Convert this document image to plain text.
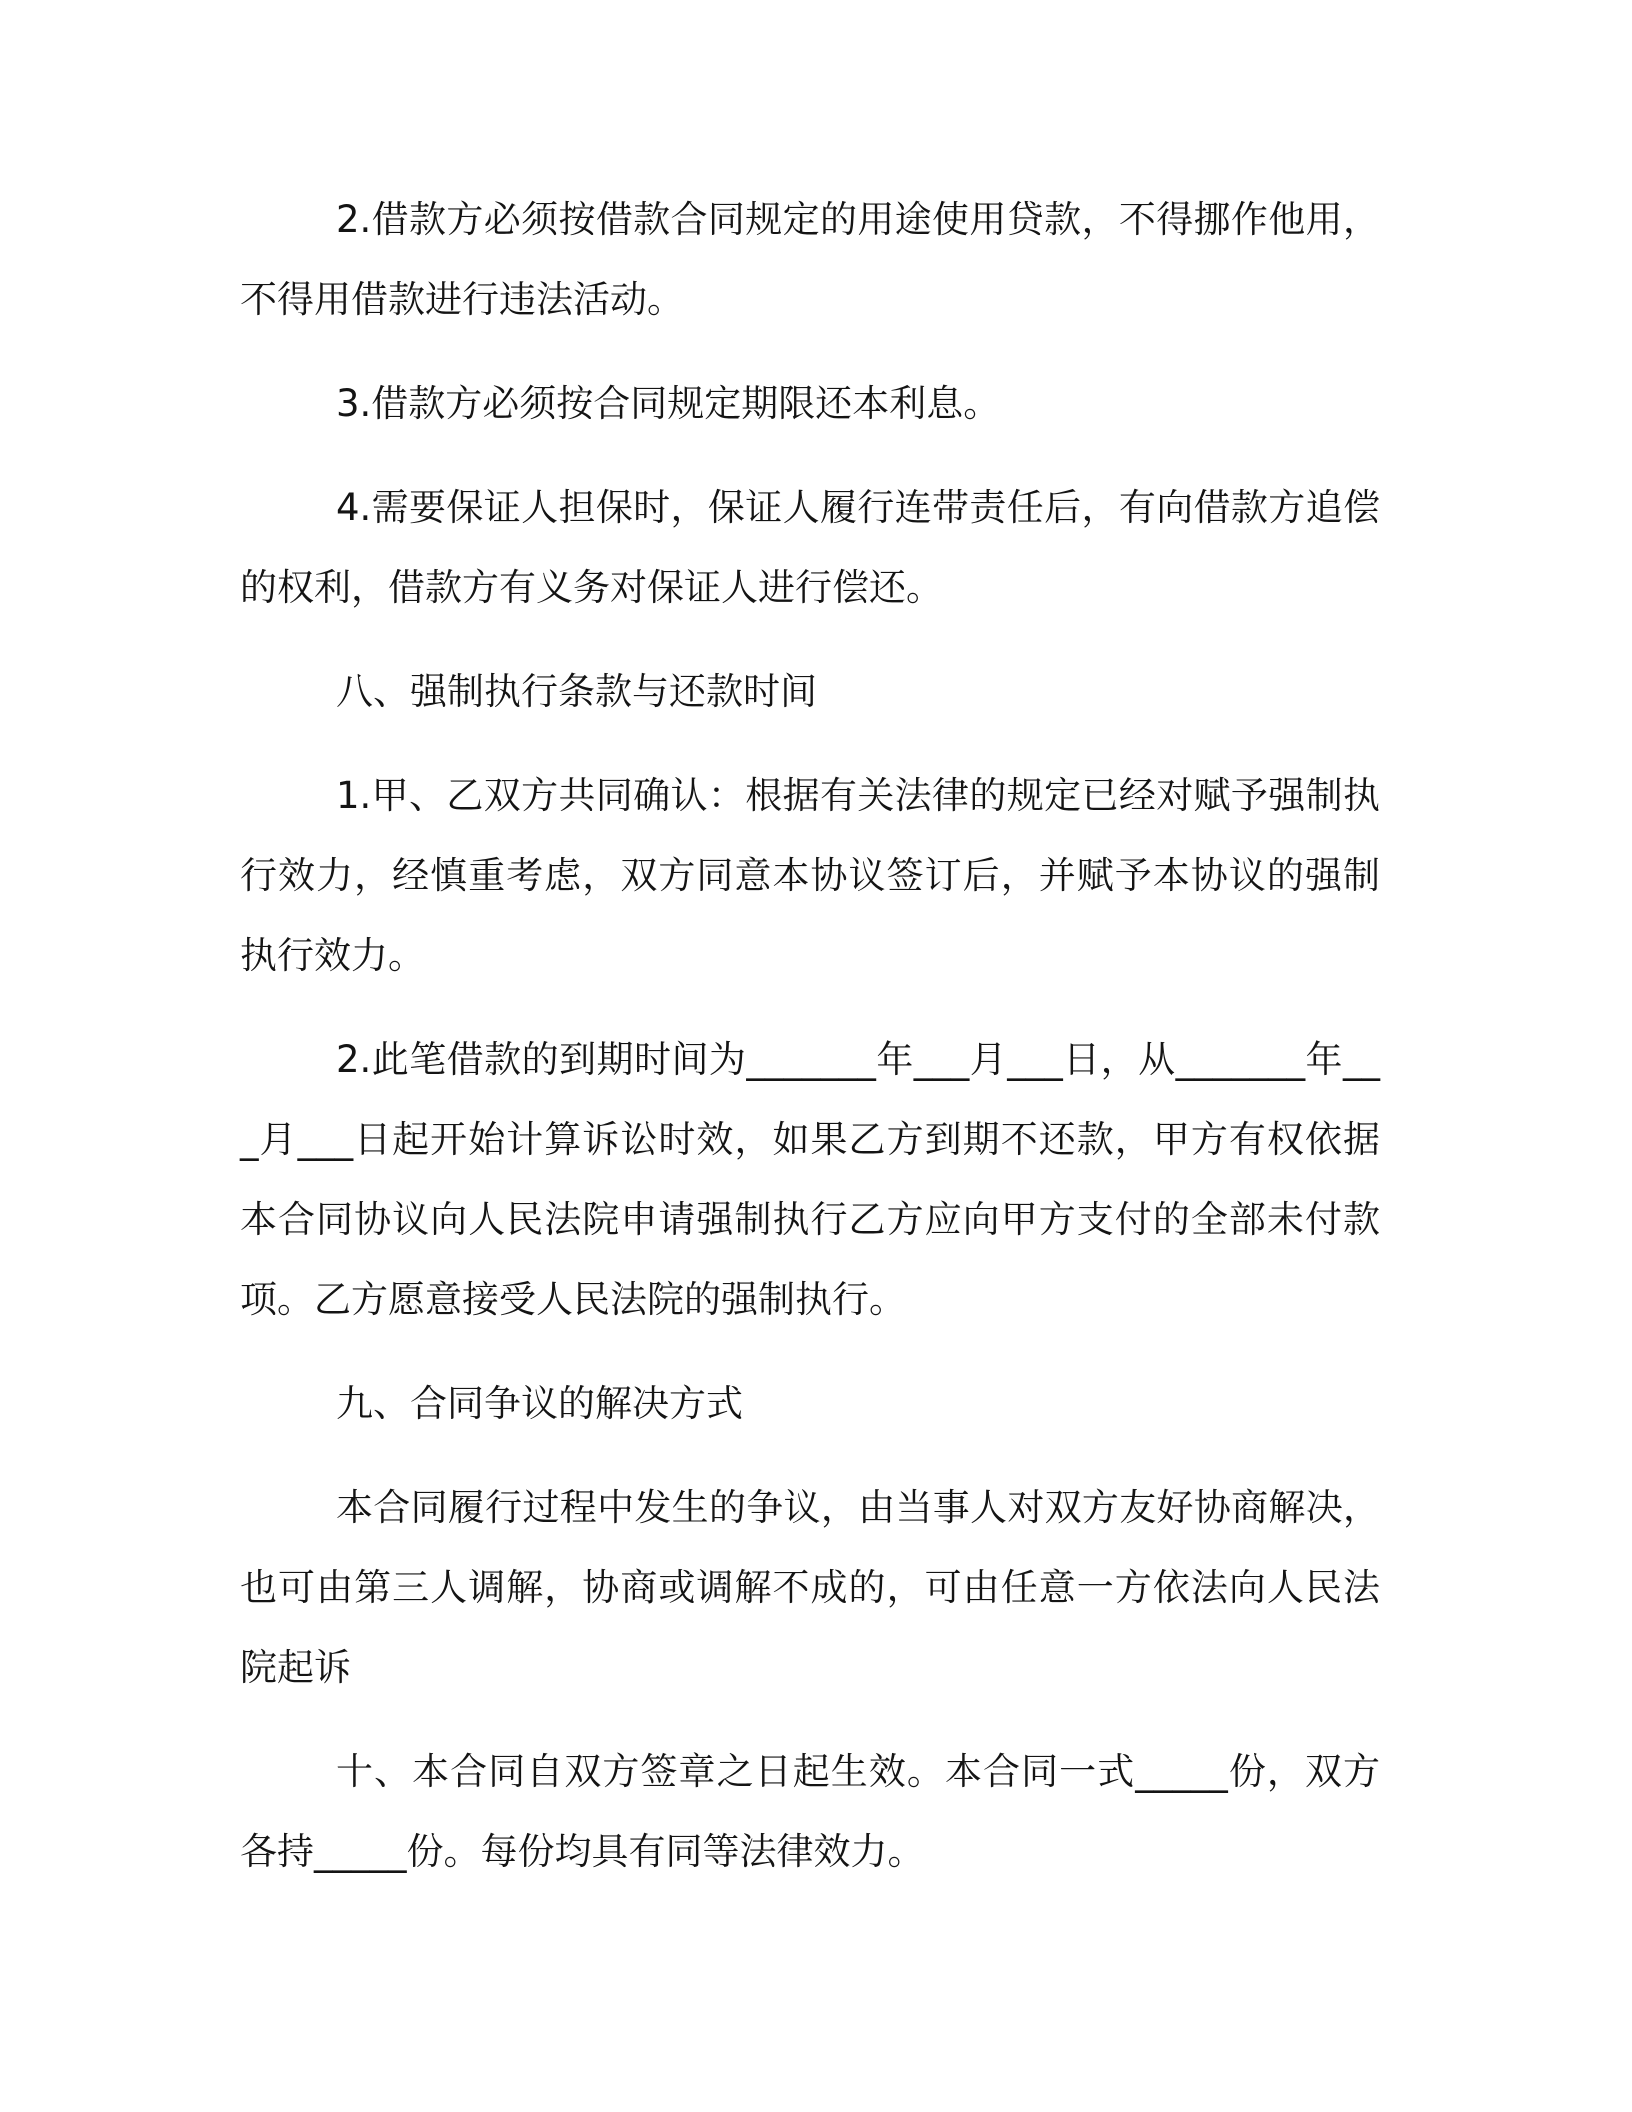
2.借款方必须按借款合同规定的用途使用贷款，不得挪作他用，不得用借款进行违法活动。

3.借款方必须按合同规定期限还本利息。

4.需要保证人担保时，保证人履行连带责任后，有向借款方追偿的权利，借款方有义务对保证人进行偿还。

八、强制执行条款与还款时间

1.甲、乙双方共同确认：根据有关法律的规定已经对赋予强制执行效力，经慎重考虑，双方同意本协议签订后，并赋予本协议的强制执行效力。

2.此笔借款的到期时间为_______年___月___日，从_______年___月___日起开始计算诉讼时效，如果乙方到期不还款，甲方有权依据本合同协议向人民法院申请强制执行乙方应向甲方支付的全部未付款项。乙方愿意接受人民法院的强制执行。

九、合同争议的解决方式

本合同履行过程中发生的争议，由当事人对双方友好协商解决，也可由第三人调解，协商或调解不成的，可由任意一方依法向人民法院起诉

十、本合同自双方签章之日起生效。本合同一式_____份，双方各持_____份。每份均具有同等法律效力。
